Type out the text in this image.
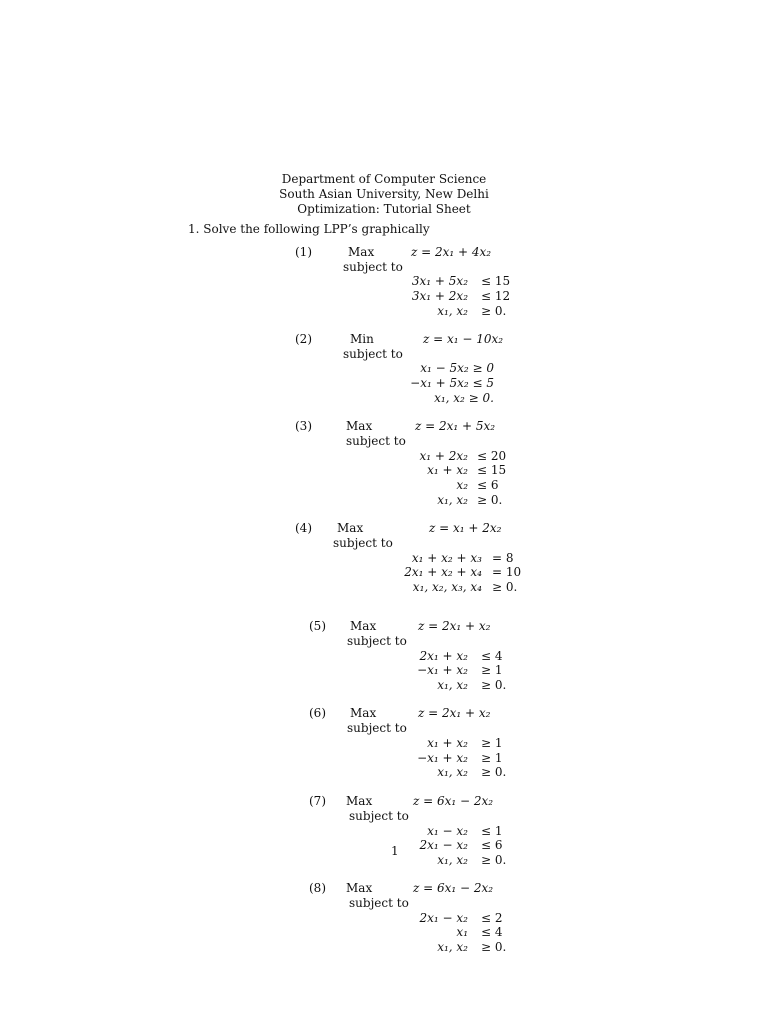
Department of Computer Science
South Asian University, New Delhi
Optimization: Tutorial Sheet
1. Solve the following LPP’s graphically
(1)	Max	z = 2x₁ + 4x₂
subject to
3x₁ + 5x₂ ≤ 15
3x₁ + 2x₂ ≤ 12
x₁, x₂ ≥ 0.
(2)	Min	z = x₁ − 10x₂
subject to
x₁ − 5x₂ ≥ 0
−x₁ + 5x₂ ≤ 5
x₁, x₂ ≥ 0.
(3)	Max	z = 2x₁ + 5x₂
subject to
x₁ + 2x₂ ≤ 20
x₁ + x₂ ≤ 15
x₂ ≤ 6
x₁, x₂ ≥ 0.
(4) Max	z = x₁ + 2x₂
subject to
x₁ + x₂ + x₃ = 8
2x₁ + x₂ + x₄ = 10
x₁, x₂, x₃, x₄ ≥ 0.
(5) Max	z = 2x₁ + x₂
subject to
2x₁ + x₂ ≤ 4
−x₁ + x₂ ≥ 1
x₁, x₂ ≥ 0.
(6) Max	z = 2x₁ + x₂
subject to
x₁ + x₂ ≥ 1
−x₁ + x₂ ≥ 1
x₁, x₂ ≥ 0.
(7) Max	z = 6x₁ − 2x₂
subject to
x₁ − x₂ ≤ 1
2x₁ − x₂ ≤ 6
x₁, x₂ ≥ 0.
1
(8) Max	z = 6x₁ − 2x₂
subject to
2x₁ − x₂ ≤ 2
x₁ ≤ 4
x₁, x₂ ≥ 0.
